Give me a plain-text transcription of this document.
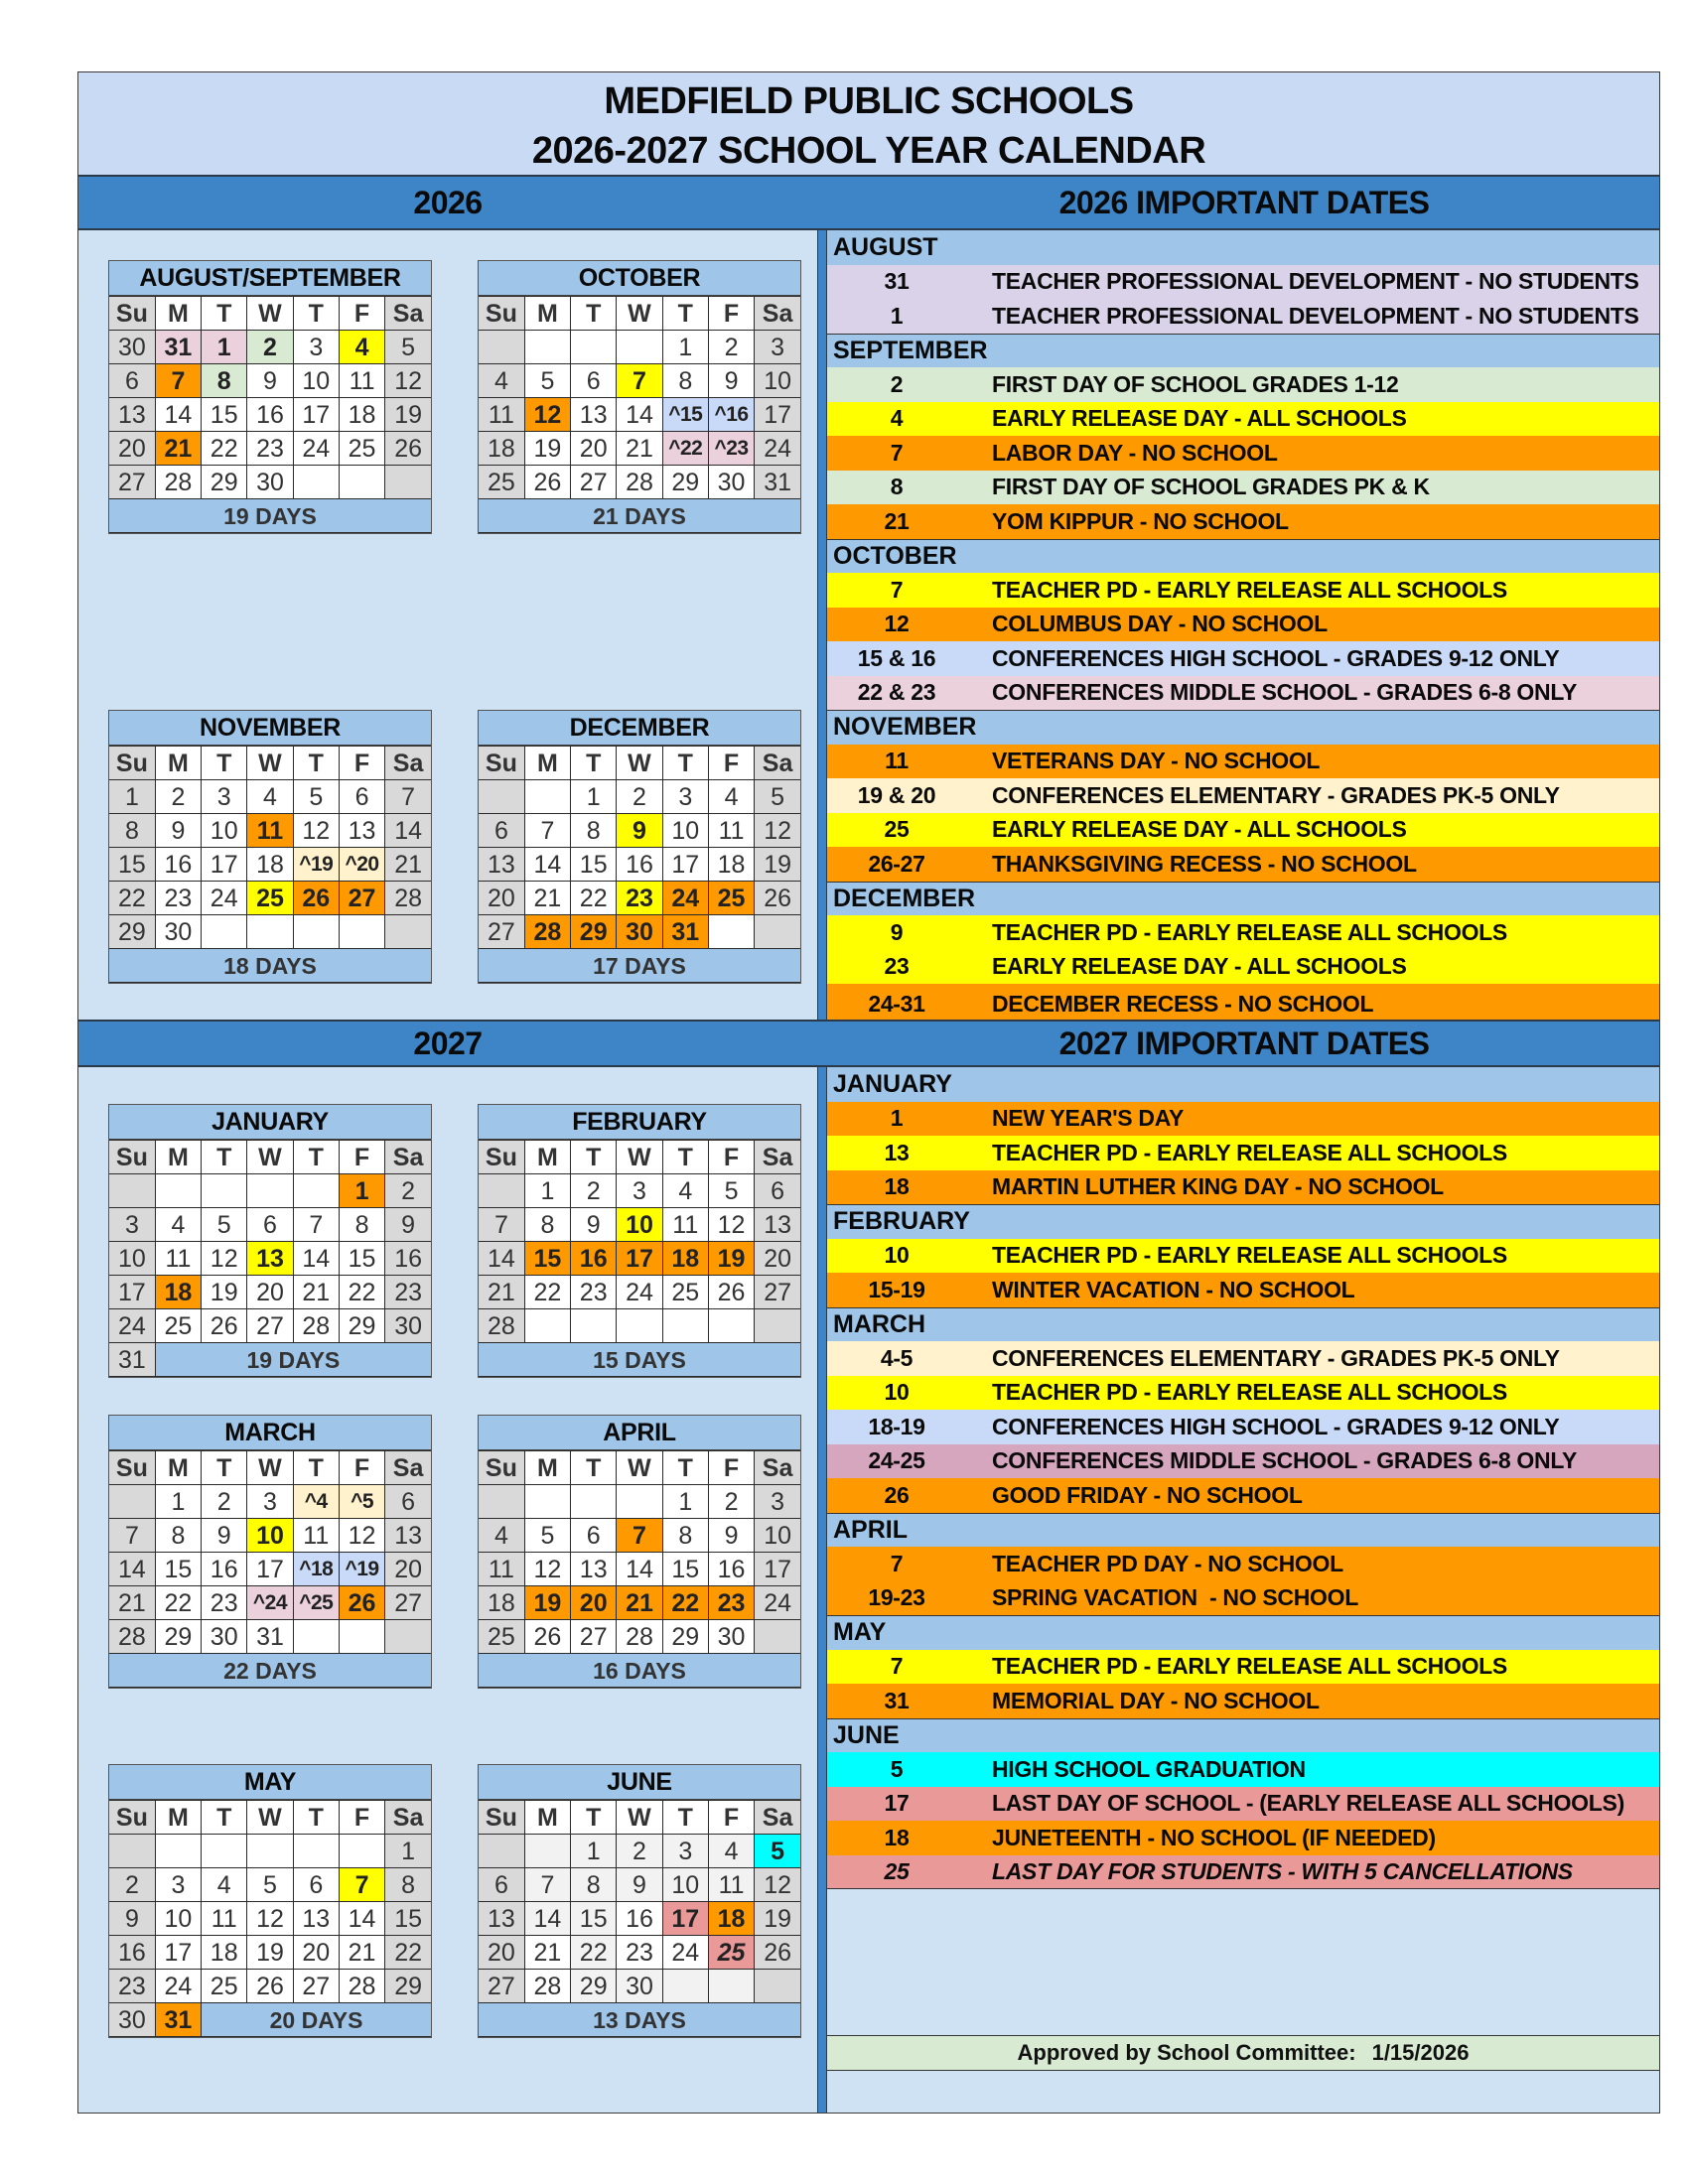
MEDFIELD PUBLIC SCHOOLS
2026-2027 SCHOOL YEAR CALENDAR
2026	2026 IMPORTANT DATES
AUGUST/SEPTEMBER
Su	M	T	W	T	F	Sa
30	31	1	2	3	4	5
6	7	8	9	10	11	12
13	14	15	16	17	18	19
20	21	22	23	24	25	26
27	28	29	30			
19 DAYS						
OCTOBER
Su	M	T	W	T	F	Sa
				1	2	3
4	5	6	7	8	9	10
11	12	13	14	^15	^16	17
18	19	20	21	^22	^23	24
25	26	27	28	29	30	31
21 DAYS						
NOVEMBER
Su	M	T	W	T	F	Sa
1	2	3	4	5	6	7
8	9	10	11	12	13	14
15	16	17	18	^19	^20	21
22	23	24	25	26	27	28
29	30					
18 DAYS						
DECEMBER
Su	M	T	W	T	F	Sa
		1	2	3	4	5
6	7	8	9	10	11	12
13	14	15	16	17	18	19
20	21	22	23	24	25	26
27	28	29	30	31		
17 DAYS						
AUGUST
31	TEACHER PROFESSIONAL DEVELOPMENT - NO STUDENTS
1	TEACHER PROFESSIONAL DEVELOPMENT - NO STUDENTS
SEPTEMBER
2	FIRST DAY OF SCHOOL GRADES 1-12
4	EARLY RELEASE DAY - ALL SCHOOLS
7	LABOR DAY - NO SCHOOL
8	FIRST DAY OF SCHOOL GRADES PK & K
21	YOM KIPPUR - NO SCHOOL
OCTOBER
7	TEACHER PD - EARLY RELEASE ALL SCHOOLS
12	COLUMBUS DAY - NO SCHOOL
15 & 16	CONFERENCES HIGH SCHOOL - GRADES 9-12 ONLY
22 & 23	CONFERENCES MIDDLE SCHOOL - GRADES 6-8 ONLY
NOVEMBER
11	VETERANS DAY - NO SCHOOL
19 & 20	CONFERENCES ELEMENTARY - GRADES PK-5 ONLY
25	EARLY RELEASE DAY - ALL SCHOOLS
26-27	THANKSGIVING RECESS - NO SCHOOL
DECEMBER
9	TEACHER PD - EARLY RELEASE ALL SCHOOLS
23	EARLY RELEASE DAY - ALL SCHOOLS
24-31	DECEMBER RECESS - NO SCHOOL
2027	2027 IMPORTANT DATES
JANUARY
Su	M	T	W	T	F	Sa
					1	2
3	4	5	6	7	8	9
10	11	12	13	14	15	16
17	18	19	20	21	22	23
24	25	26	27	28	29	30
31	19 DAYS					
FEBRUARY
Su	M	T	W	T	F	Sa
	1	2	3	4	5	6
7	8	9	10	11	12	13
14	15	16	17	18	19	20
21	22	23	24	25	26	27
28						
15 DAYS						
MARCH
Su	M	T	W	T	F	Sa
	1	2	3	^4	^5	6
7	8	9	10	11	12	13
14	15	16	17	^18	^19	20
21	22	23	^24	^25	26	27
28	29	30	31			
22 DAYS						
APRIL
Su	M	T	W	T	F	Sa
				1	2	3
4	5	6	7	8	9	10
11	12	13	14	15	16	17
18	19	20	21	22	23	24
25	26	27	28	29	30	
16 DAYS						
MAY
Su	M	T	W	T	F	Sa
						1
2	3	4	5	6	7	8
9	10	11	12	13	14	15
16	17	18	19	20	21	22
23	24	25	26	27	28	29
30	31	20 DAYS				
JUNE
Su	M	T	W	T	F	Sa
		1	2	3	4	5
6	7	8	9	10	11	12
13	14	15	16	17	18	19
20	21	22	23	24	25	26
27	28	29	30			
13 DAYS						
JANUARY
1	NEW YEAR'S DAY
13	TEACHER PD - EARLY RELEASE ALL SCHOOLS
18	MARTIN LUTHER KING DAY - NO SCHOOL
FEBRUARY
10	TEACHER PD - EARLY RELEASE ALL SCHOOLS
15-19	WINTER VACATION - NO SCHOOL
MARCH
4-5	CONFERENCES ELEMENTARY - GRADES PK-5 ONLY
10	TEACHER PD - EARLY RELEASE ALL SCHOOLS
18-19	CONFERENCES HIGH SCHOOL - GRADES 9-12 ONLY
24-25	CONFERENCES MIDDLE SCHOOL - GRADES 6-8 ONLY
26	GOOD FRIDAY - NO SCHOOL
APRIL
7	TEACHER PD DAY - NO SCHOOL
19-23	SPRING VACATION  - NO SCHOOL
MAY
7	TEACHER PD - EARLY RELEASE ALL SCHOOLS
31	MEMORIAL DAY - NO SCHOOL
JUNE
5	HIGH SCHOOL GRADUATION
17	LAST DAY OF SCHOOL - (EARLY RELEASE ALL SCHOOLS)
18	JUNETEENTH - NO SCHOOL (IF NEEDED)
25	LAST DAY FOR STUDENTS - WITH 5 CANCELLATIONS
Approved by School Committee: 1/15/2026
